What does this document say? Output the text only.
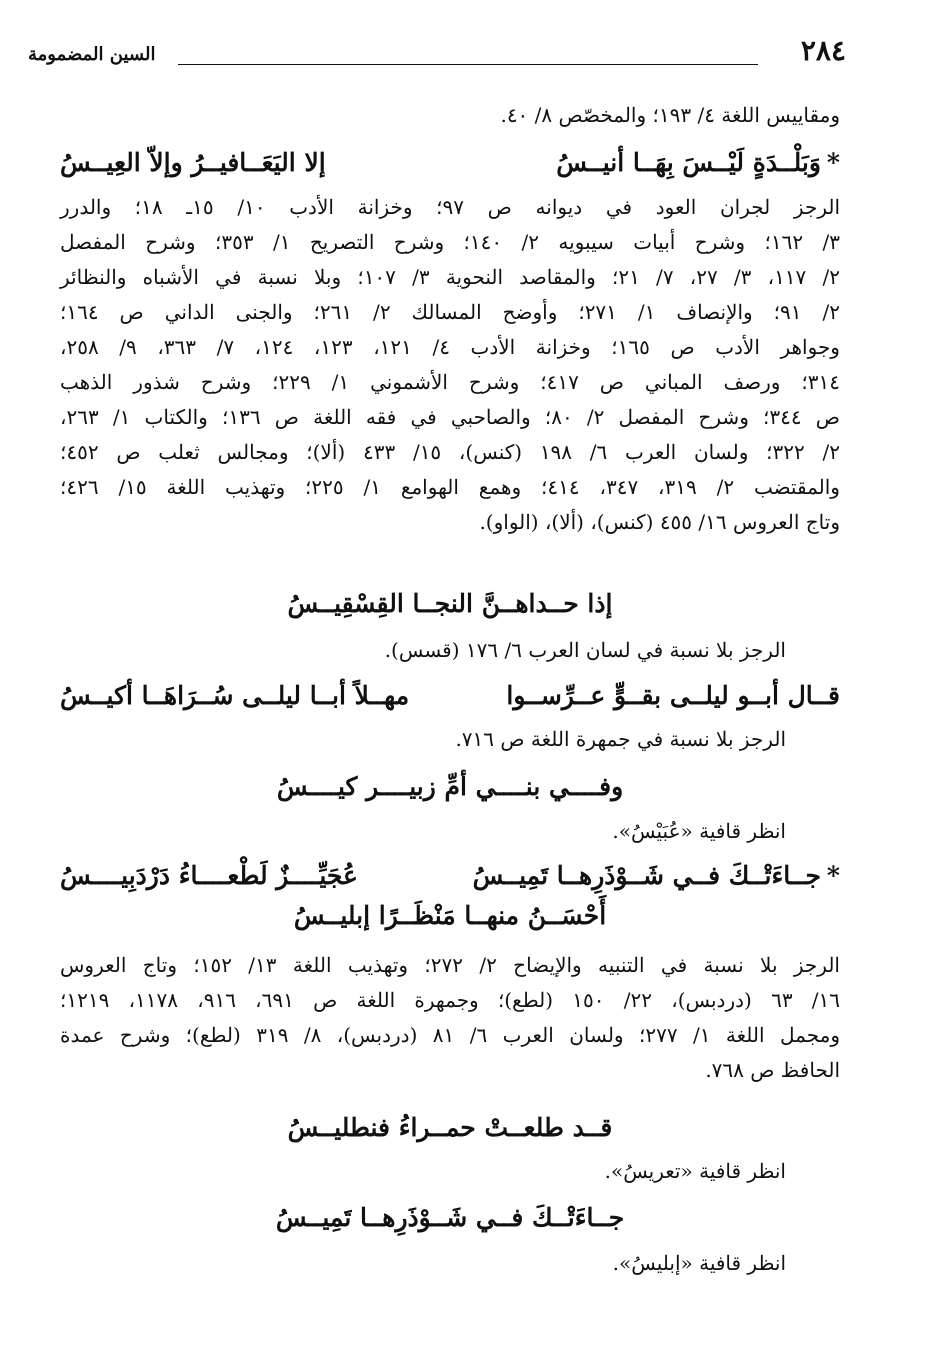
٢٨٤
السين المضمومة
ومقاييس اللغة ٤/ ١٩٣؛ والمخصّص ٨/ ٤٠.
*وَبَلْــدَةٍ لَيْــسَ بِهَــا أنيــسُ
إلا اليَعَــافيــرُ وإلاّ العِيــسُ
الرجز لجران العود في ديوانه ص ٩٧؛ وخزانة الأدب ١٠/ ١٥ـ ١٨؛ والدرر
٣/ ١٦٢؛ وشرح أبيات سيبويه ٢/ ١٤٠؛ وشرح التصريح ١/ ٣٥٣؛ وشرح المفصل
٢/ ١١٧، ٣/ ٢٧، ٧/ ٢١؛ والمقاصد النحوية ٣/ ١٠٧؛ وبلا نسبة في الأشباه والنظائر
٢/ ٩١؛ والإنصاف ١/ ٢٧١؛ وأوضح المسالك ٢/ ٢٦١؛ والجنى الداني ص ١٦٤؛
وجواهر الأدب ص ١٦٥؛ وخزانة الأدب ٤/ ١٢١، ١٢٣، ١٢٤، ٧/ ٣٦٣، ٩/ ٢٥٨،
٣١٤؛ ورصف المباني ص ٤١٧؛ وشرح الأشموني ١/ ٢٢٩؛ وشرح شذور الذهب
ص ٣٤٤؛ وشرح المفصل ٢/ ٨٠؛ والصاحبي في فقه اللغة ص ١٣٦؛ والكتاب ١/ ٢٦٣،
٢/ ٣٢٢؛ ولسان العرب ٦/ ١٩٨ (كنس)، ١٥/ ٤٣٣ (ألا)؛ ومجالس ثعلب ص ٤٥٢؛
والمقتضب ٢/ ٣١٩، ٣٤٧، ٤١٤؛ وهمع الهوامع ١/ ٢٢٥؛ وتهذيب اللغة ١٥/ ٤٢٦؛
وتاج العروس ١٦/ ٤٥٥ (كنس)، (ألا)، (الواو).
إذا حــداهــنَّ النجــا القِسْقِيــسُ
الرجز بلا نسبة في لسان العرب ٦/ ١٧٦ (قسس).
قــال أبــو ليلــى بقــوٍّ عــرِّســوا
مهــلاً أبــا ليلــى سُــرَاهَــا أكيــسُ
الرجز بلا نسبة في جمهرة اللغة ص ٧١٦.
وفــــي بنــــي أمِّ زبيــــر كيــــسُ
انظر قافية «عُبَيْسُ».
*جــاءَتْــكَ فــي شَــوْذَرِهــا تَمِيــسُ
عُجَيِّــــزٌ لَطْعــــاءُ دَرْدَبِيــــسُ
أَحْسَــنُ منهــا مَنْظَــرًا إبليــسُ
الرجز بلا نسبة في التنبيه والإيضاح ٢/ ٢٧٢؛ وتهذيب اللغة ١٣/ ١٥٢؛ وتاج العروس
١٦/ ٦٣ (دردبس)، ٢٢/ ١٥٠ (لطع)؛ وجمهرة اللغة ص ٦٩١، ٩١٦، ١١٧٨، ١٢١٩؛
ومجمل اللغة ١/ ٢٧٧؛ ولسان العرب ٦/ ٨١ (دردبس)، ٨/ ٣١٩ (لطع)؛ وشرح عمدة
الحافظ ص ٧٦٨.
قــد طلعــتْ حمــراءُ فنطليــسُ
انظر قافية «تعريسُ».
جــاءَتْــكَ فــي شَــوْذَرِهــا تَمِيــسُ
انظر قافية «إبليسُ».
